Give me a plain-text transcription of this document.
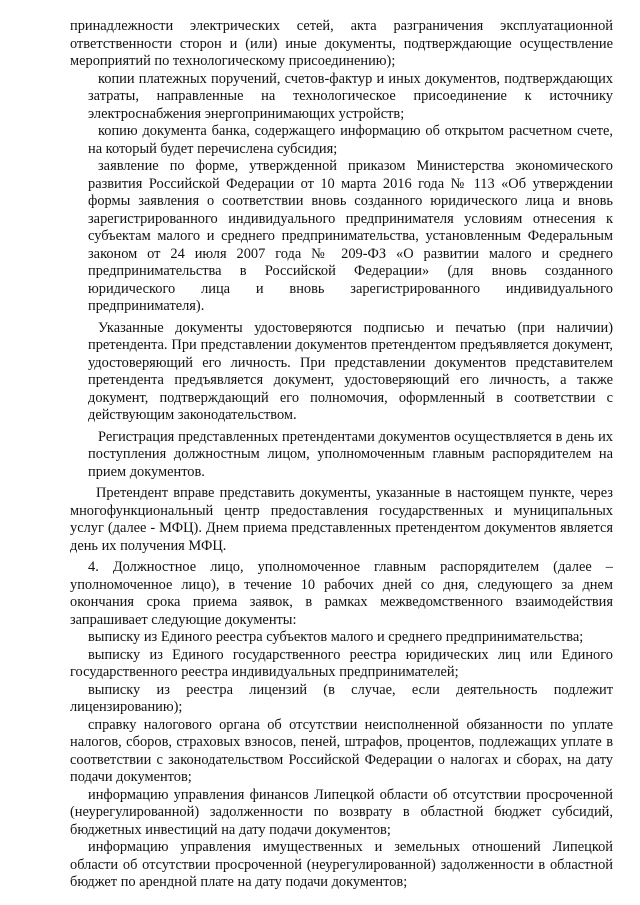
принадлежности электрических сетей, акта разграничения эксплуатационной ответственности сторон и (или) иные документы, подтверждающие осуществление мероприятий по технологическому присоединению);

копии платежных поручений, счетов-фактур и иных документов, подтверждающих затраты, направленные на технологическое присоединение к источнику электроснабжения энергопринимающих устройств;

копию документа банка, содержащего информацию об открытом расчетном счете, на который будет перечислена субсидия;

заявление по форме, утвержденной приказом Министерства экономического развития Российской Федерации от 10 марта 2016 года № 113 «Об утверждении формы заявления о соответствии вновь созданного юридического лица и вновь зарегистрированного индивидуального предпринимателя условиям отнесения к субъектам малого и среднего предпринимательства, установленным Федеральным законом от 24 июля 2007 года № 209-ФЗ «О развитии малого и среднего предпринимательства в Российской Федерации» (для вновь созданного юридического лица и вновь зарегистрированного индивидуального предпринимателя).

Указанные документы удостоверяются подписью и печатью (при наличии) претендента. При представлении документов претендентом предъявляется документ, удостоверяющий его личность. При представлении документов представителем претендента предъявляется документ, удостоверяющий его личность, а также документ, подтверждающий его полномочия, оформленный в соответствии с действующим законодательством.

Регистрация представленных претендентами документов осуществляется в день их поступления должностным лицом, уполномоченным главным распорядителем на прием документов.

Претендент вправе представить документы, указанные в настоящем пункте, через многофункциональный центр предоставления государственных и муниципальных услуг (далее - МФЦ). Днем приема представленных претендентом документов является день их получения МФЦ.

4. Должностное лицо, уполномоченное главным распорядителем (далее – уполномоченное лицо), в течение 10 рабочих дней со дня, следующего за днем окончания срока приема заявок, в рамках межведомственного взаимодействия запрашивает следующие документы:

выписку из Единого реестра субъектов малого и среднего предпринимательства;

выписку из Единого государственного реестра юридических лиц или Единого государственного реестра индивидуальных предпринимателей;

выписку из реестра лицензий (в случае, если деятельность подлежит лицензированию);

справку налогового органа об отсутствии неисполненной обязанности по уплате налогов, сборов, страховых взносов, пеней, штрафов, процентов, подлежащих уплате в соответствии с законодательством Российской Федерации о налогах и сборах, на дату подачи документов;

информацию управления финансов Липецкой области об отсутствии просроченной (неурегулированной) задолженности по возврату в областной бюджет субсидий, бюджетных инвестиций на дату подачи документов;

информацию управления имущественных и земельных отношений Липецкой области об отсутствии просроченной (неурегулированной) задолженности в областной бюджет по арендной плате на дату подачи документов;
